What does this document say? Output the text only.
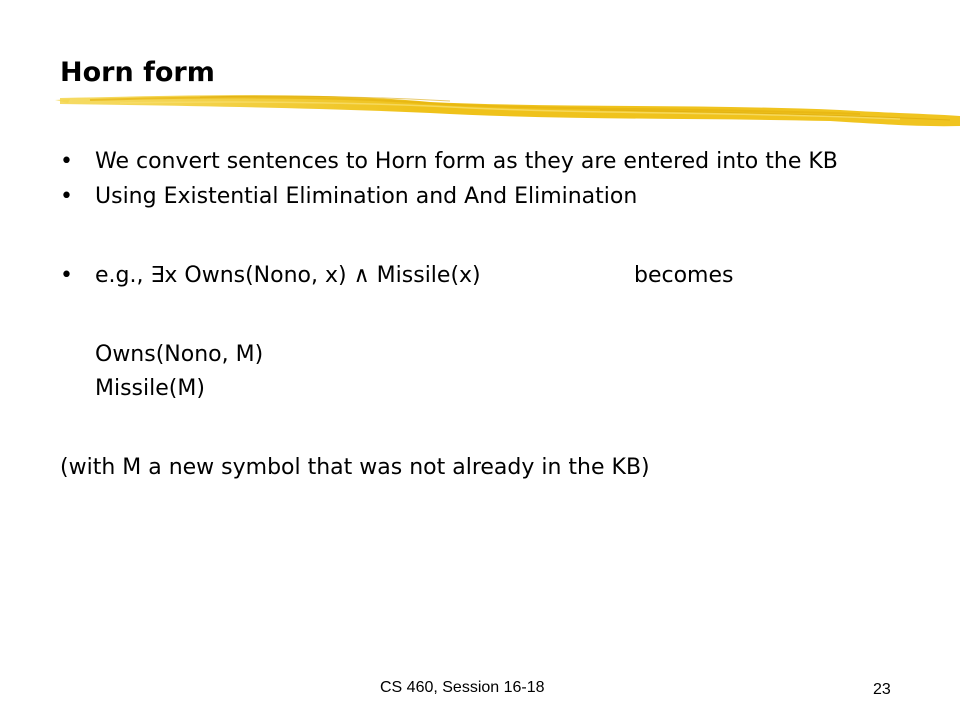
Horn form
• We convert sentences to Horn form as they are entered into the KB
• Using Existential Elimination and And Elimination
• e.g., ∃x Owns(Nono, x) ∧ Missile(x)	becomes
Owns(Nono, M)
Missile(M)
(with M a new symbol that was not already in the KB)
CS 460, Session 16-18	23
